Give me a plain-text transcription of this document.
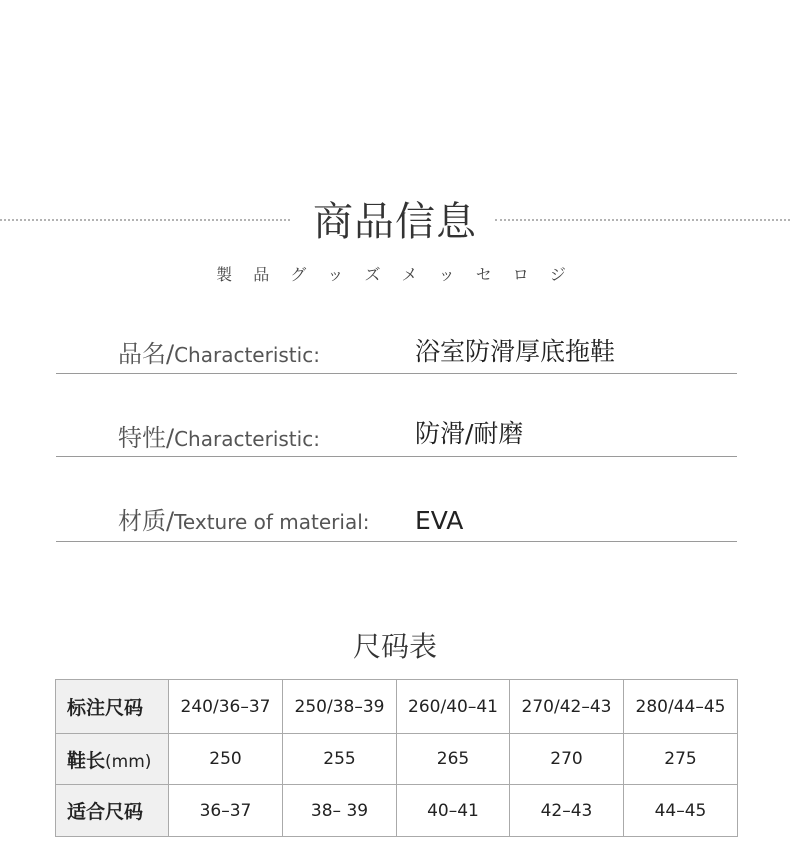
商品信息
製 品 グ ッ ズ メ ッ セ ロ ジ
品名/Characteristic:	浴室防滑厚底拖鞋
特性/Characteristic:	防滑/耐磨
材质/Texture of material: EVA
尺码表
标注尺码	240/36–37	250/38–39	260/40–41	270/42–43	280/44–45
鞋长(mm)	250	255	265	270	275
适合尺码	36–37	38– 39	40–41	42–43	44–45
